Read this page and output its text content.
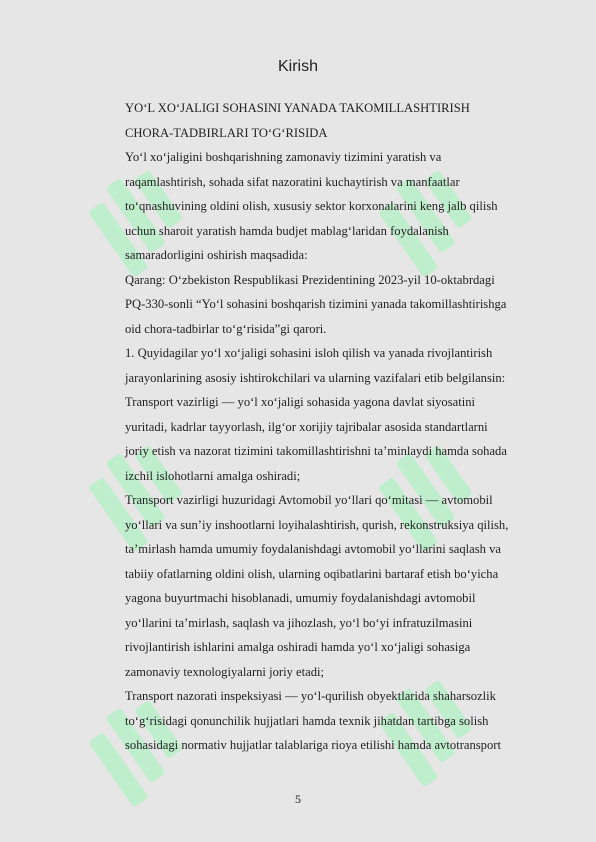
Kirish

YO‘L XO‘JALIGI SOHASINI YANADA TAKOMILLASHTIRISH

CHORA-TADBIRLARI TO‘G‘RISIDA

Yo‘l xo‘jaligini boshqarishning zamonaviy tizimini yaratish va

raqamlashtirish, sohada sifat nazoratini kuchaytirish va manfaatlar

to‘qnashuvining oldini olish, xususiy sektor korxonalarini keng jalb qilish

uchun sharoit yaratish hamda budjet mablag‘laridan foydalanish

samaradorligini oshirish maqsadida:

Qarang: O‘zbekiston Respublikasi Prezidentining 2023-yil 10-oktabrdagi

PQ-330-sonli “Yo‘l sohasini boshqarish tizimini yanada takomillashtirishga

oid chora-tadbirlar to‘g‘risida”gi qarori.

1. Quyidagilar yo‘l xo‘jaligi sohasini isloh qilish va yanada rivojlantirish

jarayonlarining asosiy ishtirokchilari va ularning vazifalari etib belgilansin:

Transport vazirligi — yo‘l xo‘jaligi sohasida yagona davlat siyosatini

yuritadi, kadrlar tayyorlash, ilg‘or xorijiy tajribalar asosida standartlarni

joriy etish va nazorat tizimini takomillashtirishni ta’minlaydi hamda sohada

izchil islohotlarni amalga oshiradi;

Transport vazirligi huzuridagi Avtomobil yo‘llari qo‘mitasi — avtomobil

yo‘llari va sun’iy inshootlarni loyihalashtirish, qurish, rekonstruksiya qilish,

ta’mirlash hamda umumiy foydalanishdagi avtomobil yo‘llarini saqlash va

tabiiy ofatlarning oldini olish, ularning oqibatlarini bartaraf etish bo‘yicha

yagona buyurtmachi hisoblanadi, umumiy foydalanishdagi avtomobil

yo‘llarini ta’mirlash, saqlash va jihozlash, yo‘l bo‘yi infratuzilmasini

rivojlantirish ishlarini amalga oshiradi hamda yo‘l xo‘jaligi sohasiga

zamonaviy texnologiyalarni joriy etadi;

Transport nazorati inspeksiyasi — yo‘l-qurilish obyektlarida shaharsozlik

to‘g‘risidagi qonunchilik hujjatlari hamda texnik jihatdan tartibga solish

sohasidagi normativ hujjatlar talablariga rioya etilishi hamda avtotransport

5
